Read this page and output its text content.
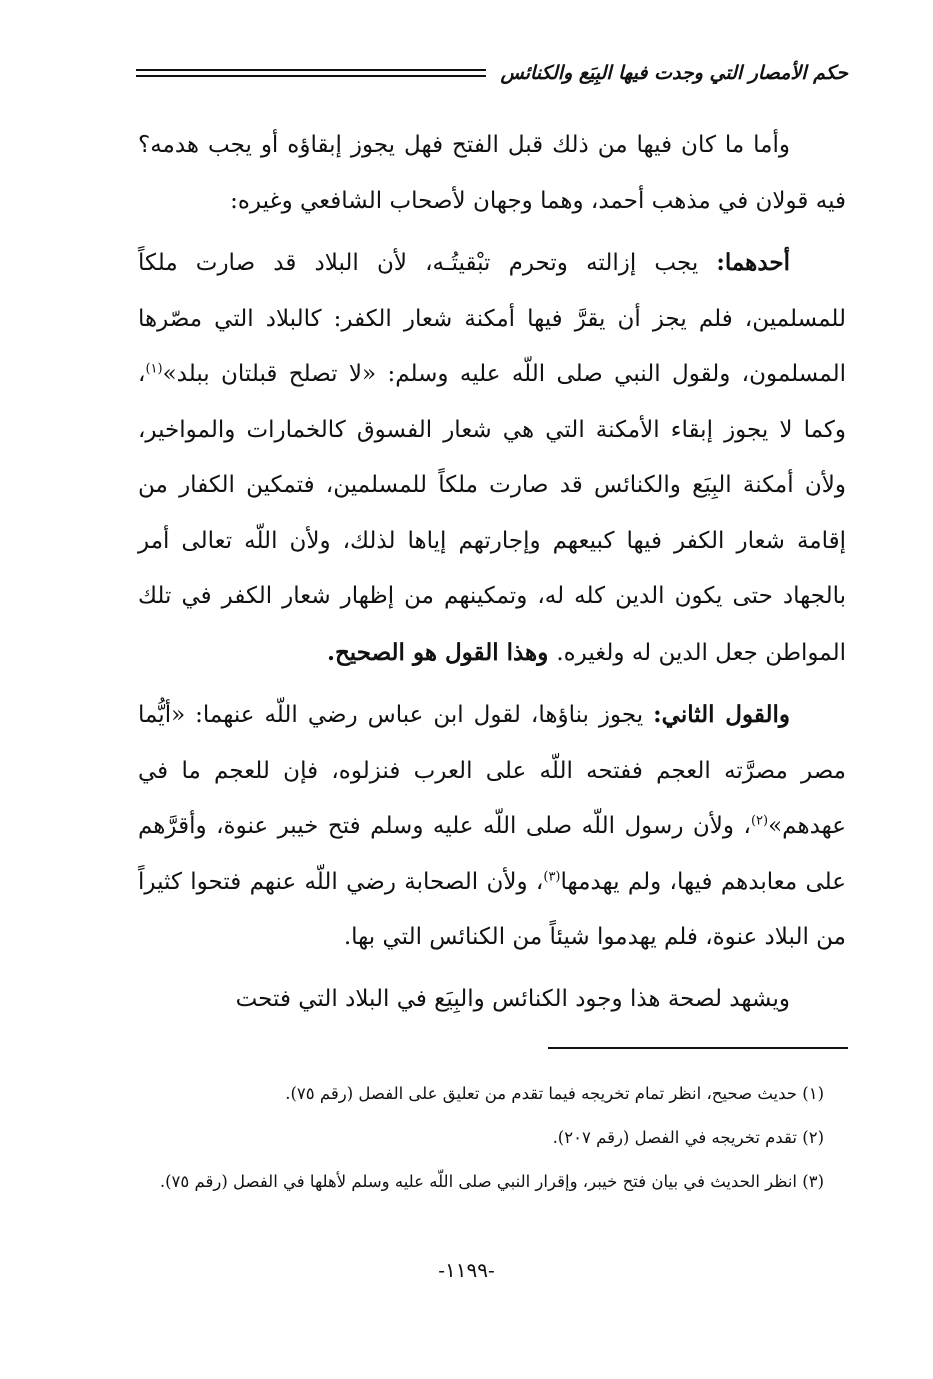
حكم الأمصار التي وجدت فيها البِيَع والكنائس

وأما ما كان فيها من ذلك قبل الفتح فهل يجوز إبقاؤه أو يجب هدمه؟ فيه قولان في مذهب أحمد، وهما وجهان لأصحاب الشافعي وغيره:

أحدهما: يجب إزالته وتحرم تبْقيتُـه، لأن البلاد قد صارت ملكاً للمسلمين، فلم يجز أن يقرَّ فيها أمكنة شعار الكفر: كالبلاد التي مصّرها المسلمون، ولقول النبي صلى اللّه عليه وسلم: «لا تصلح قبلتان ببلد»$^{(١)}$، وكما لا يجوز إبقاء الأمكنة التي هي شعار الفسوق كالخمارات والمواخير، ولأن أمكنة البِيَع والكنائس قد صارت ملكاً للمسلمين، فتمكين الكفار من إقامة شعار الكفر فيها كبيعهم وإجارتهم إياها لذلك، ولأن اللّه تعالى أمر بالجهاد حتى يكون الدين كله له، وتمكينهم من إظهار شعار الكفر في تلك المواطن جعل الدين له ولغيره. وهذا القول هو الصحيح.

والقول الثاني: يجوز بناؤها، لقول ابن عباس رضي اللّه عنهما: «أيُّما مصر مصرَّته العجم ففتحه اللّه على العرب فنزلوه، فإن للعجم ما في عهدهم»$^{(٢)}$، ولأن رسول اللّه صلى اللّه عليه وسلم فتح خيبر عنوة، وأقرَّهم على معابدهم فيها، ولم يهدمها$^{(٣)}$، ولأن الصحابة رضي اللّه عنهم فتحوا كثيراً من البلاد عنوة، فلم يهدموا شيئاً من الكنائس التي بها.

ويشهد لصحة هذا وجود الكنائس والبِيَع في البلاد التي فتحت

(١) حديث صحيح، انظر تمام تخريجه فيما تقدم من تعليق على الفصل (رقم ٧٥).

(٢) تقدم تخريجه في الفصل (رقم ٢٠٧).

(٣) انظر الحديث في بيان فتح خيبر، وإقرار النبي صلى اللّه عليه وسلم لأهلها في الفصل (رقم ٧٥).

-١١٩٩-
